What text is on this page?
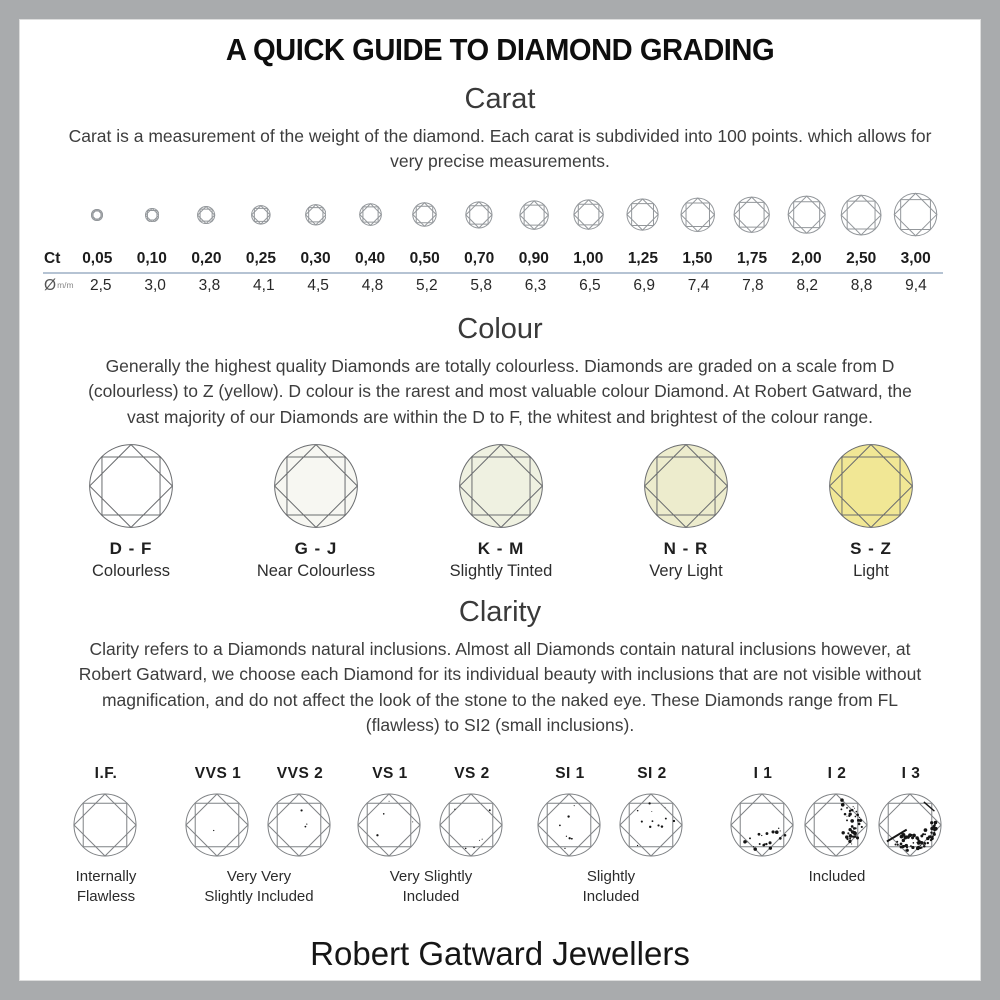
A QUICK GUIDE TO DIAMOND GRADING
Carat

Carat is a measurement of the weight of the diamond. Each carat is subdivided into 100 points. which allows for very precise measurements.

Ct	0,05	0,10	0,20	0,25	0,30	0,40	0,50	0,70	0,90	1,00	1,25	1,50	1,75	2,00	2,50	3,00
Øm/m	2,5	3,0	3,8	4,1	4,5	4,8	5,2	5,8	6,3	6,5	6,9	7,4	7,8	8,2	8,8	9,4
Colour

Generally the highest quality Diamonds are totally colourless. Diamonds are graded on a scale from D (colourless) to Z (yellow). D colour is the rarest and most valuable colour Diamond. At Robert Gatward, the vast majority of our Diamonds are within the D to F, the whitest and brightest of the colour range.

D - F
Colourless
G - J
Near Colourless
K - M
Slightly Tinted
N - R
Very Light
S - Z
Light
Clarity

Clarity refers to a Diamonds natural inclusions. Almost all Diamonds contain natural inclusions however, at Robert Gatward, we choose each Diamond for its individual beauty with inclusions that are not visible without magnification, and do not affect the look of the stone to the naked eye. These Diamonds range from FL (flawless) to SI2 (small inclusions).

I.F.
Internally
Flawless
VVS 1	VVS 2
Very Very
Slightly Included
VS 1	VS 2
Very Slightly
Included
SI 1	SI 2
Slightly
Included
I 1	I 2	I 3
Included
Robert Gatward Jewellers
